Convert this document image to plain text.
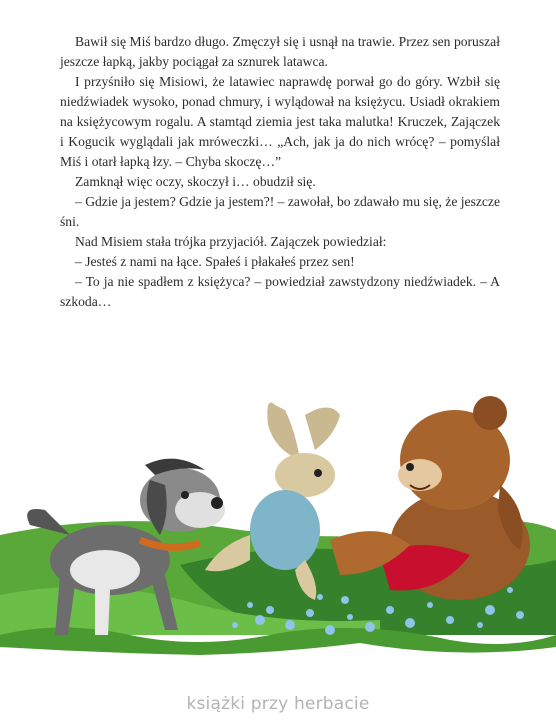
Bawił się Miś bardzo długo. Zmęczył się i usnął na trawie. Przez sen poruszał jeszcze łapką, jakby pociągał za sznurek latawca.

I przyśniło się Misiowi, że latawiec naprawdę porwał go do góry. Wzbił się niedźwiadek wysoko, ponad chmury, i wylądował na księżycu. Usiadł okrakiem na księżycowym rogalu. A stamtąd ziemia jest taka malutka! Kruczek, Zajączek i Kogucik wyglądali jak mrówеczki… „Ach, jak ja do nich wrócę? – pomyślał Miś i otarł łapką łzy. – Chyba skoczę…”

Zamknął więc oczy, skoczył i… obudził się.

– Gdzie ja jestem? Gdzie ja jestem?! – zawołał, bo zdawało mu się, że jeszcze śni.

Nad Misiem stała trójka przyjaciół. Zajączek powiedział:

– Jesteś z nami na łące. Spałeś i płakałeś przez sen!

– To ja nie spadłem z księżyca? – powiedział zawstydzony niedźwiadek. – A szkoda…

książki przy herbacie
